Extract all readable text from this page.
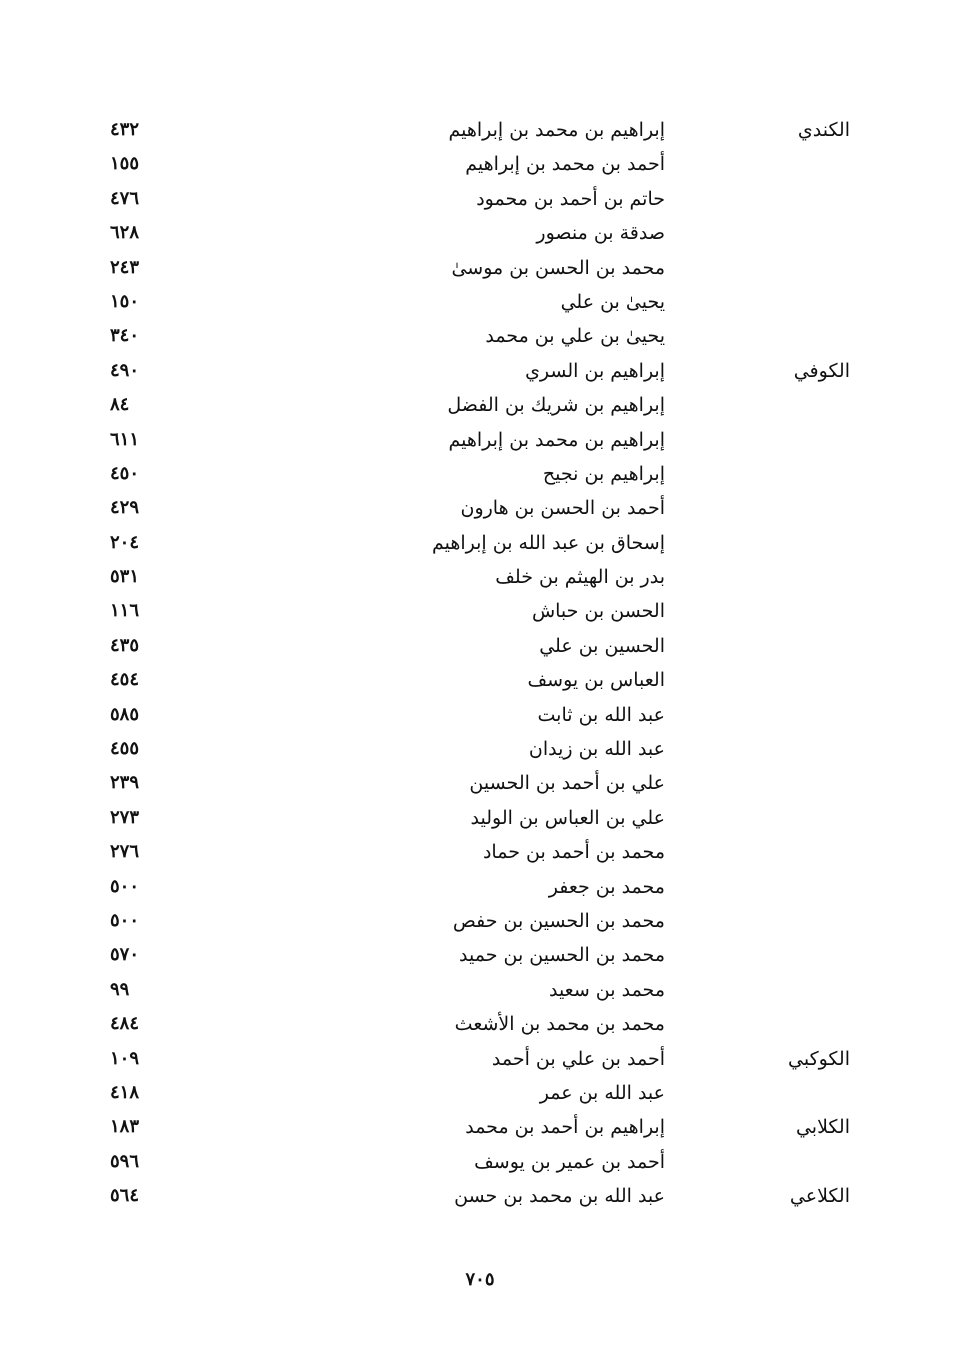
الكندي
إبراهيم بن محمد بن إبراهيم
٤٣٢
أحمد بن محمد بن إبراهيم
١٥٥
حاتم بن أحمد بن محمود
٤٧٦
صدقة بن منصور
٦٢٨
محمد بن الحسن بن موسىٰ
٢٤٣
يحيىٰ بن علي
١٥٠
يحيىٰ بن علي بن محمد
٣٤٠
الكوفي
إبراهيم بن السري
٤٩٠
إبراهيم بن شريك بن الفضل
٨٤
إبراهيم بن محمد بن إبراهيم
٦١١
إبراهيم بن نجيح
٤٥٠
أحمد بن الحسن بن هارون
٤٢٩
إسحاق بن عبد الله بن إبراهيم
٢٠٤
بدر بن الهيثم بن خلف
٥٣١
الحسن بن حباش
١١٦
الحسين بن علي
٤٣٥
العباس بن يوسف
٤٥٤
عبد الله بن ثابت
٥٨٥
عبد الله بن زيدان
٤٥٥
علي بن أحمد بن الحسين
٢٣٩
علي بن العباس بن الوليد
٢٧٣
محمد بن أحمد بن حماد
٢٧٦
محمد بن جعفر
٥٠٠
محمد بن الحسين بن حفص
٥٠٠
محمد بن الحسين بن حميد
٥٧٠
محمد بن سعيد
٩٩
محمد بن محمد بن الأشعث
٤٨٤
الكوكبي
أحمد بن علي بن أحمد
١٠٩
عبد الله بن عمر
٤١٨
الكلابي
إبراهيم بن أحمد بن محمد
١٨٣
أحمد بن عمير بن يوسف
٥٩٦
الكلاعي
عبد الله بن محمد بن حسن
٥٦٤
٧٠٥
